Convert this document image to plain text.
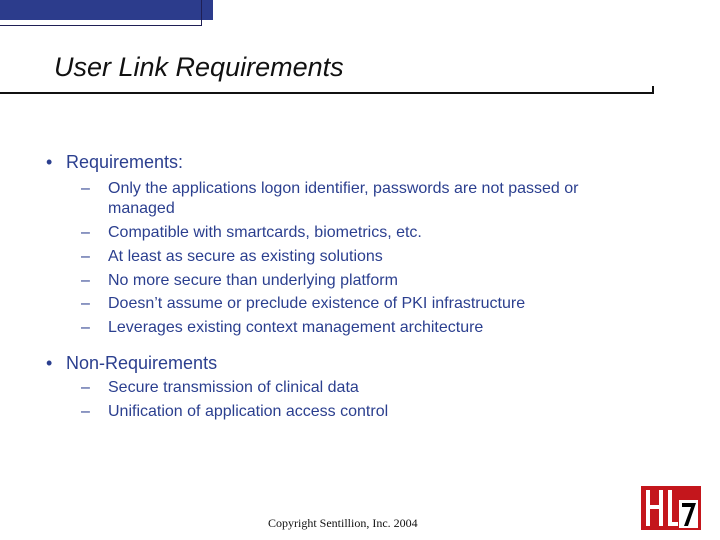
User Link Requirements
• Requirements:
– Only the applications logon identifier, passwords are not passed or
managed
– Compatible with smartcards, biometrics, etc.
– At least as secure as existing solutions
– No more secure than underlying platform
– Doesn’t assume or preclude existence of PKI infrastructure
– Leverages existing context management architecture
• Non-Requirements
– Secure transmission of clinical data
– Unification of application access control
Copyright Sentillion, Inc. 2004
